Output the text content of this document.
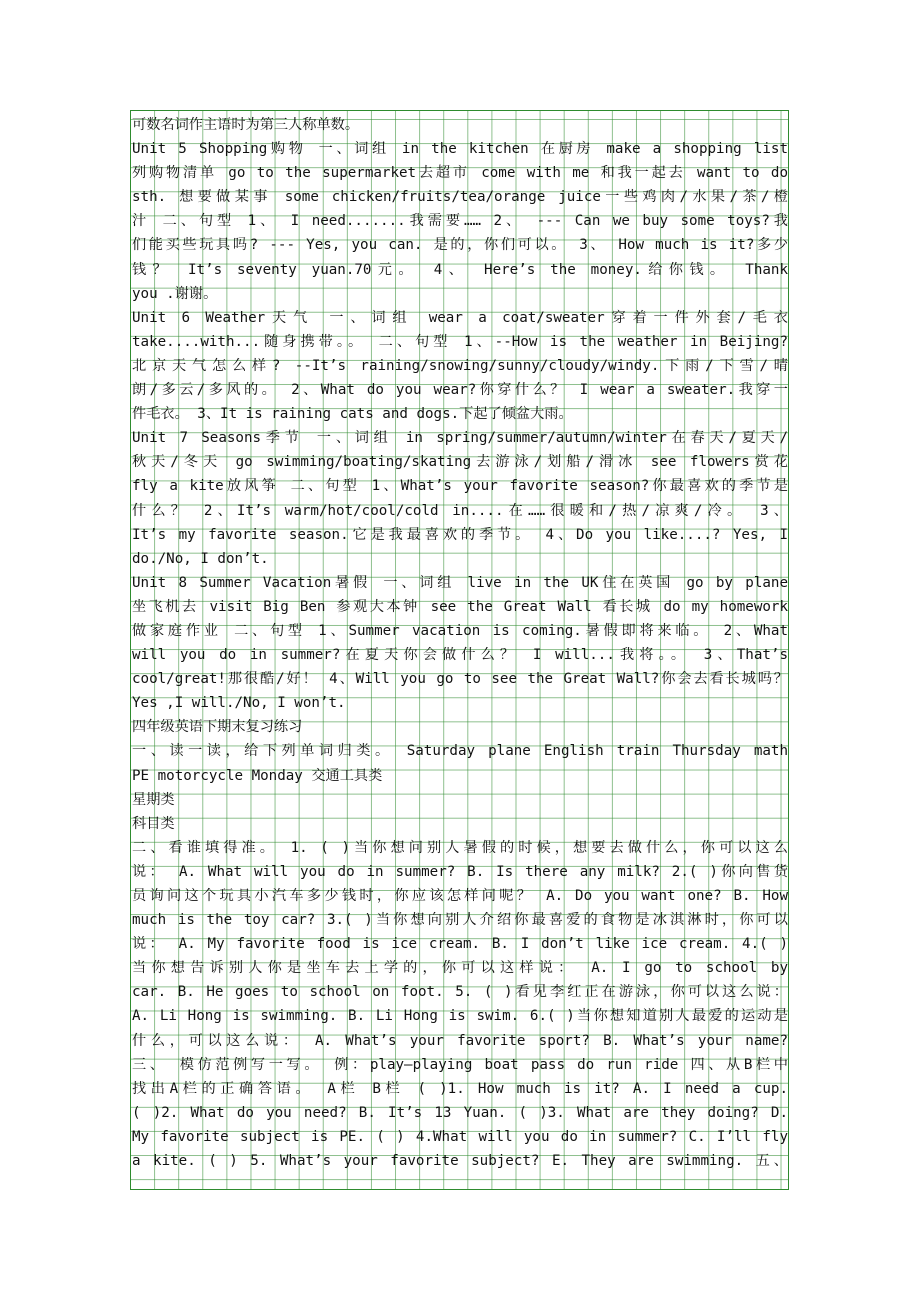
可数名词作主语时为第三人称单数。
Unit 5 Shopping购物 一、词组 in the kitchen 在厨房 make a shopping list
列购物清单 go to the supermarket去超市 come with me 和我一起去 want to do
sth. 想要做某事 some chicken/fruits/tea/orange juice一些鸡肉/水果/茶/橙
汁 二、句型 1、 I need.......我需要…… 2、 --- Can we buy some toys?我
们能买些玩具吗? --- Yes, you can. 是的，你们可以。 3、 How much is it?多少
钱？ It’s seventy yuan.70元。 4、 Here’s the money.给你钱。 Thank
you .谢谢。
Unit 6 Weather天气 一、词组 wear a coat/sweater穿着一件外套/毛衣
take....with...随身携带。。 二、句型 1、--How is the weather in Beijing?
北京天气怎么样? --It’s raining/snowing/sunny/cloudy/windy.下雨/下雪/晴
朗/多云/多风的。 2、What do you wear?你穿什么？ I wear a sweater.我穿一
件毛衣。 3、It is raining cats and dogs.下起了倾盆大雨。
Unit 7 Seasons季节 一、词组 in spring/summer/autumn/winter在春天/夏天/
秋天/冬天 go swimming/boating/skating去游泳/划船/滑冰 see flowers赏花
fly a kite放风筝 二、句型 1、What’s your favorite season?你最喜欢的季节是
什么？ 2、It’s warm/hot/cool/cold in....在……很暖和/热/凉爽/冷。 3、
It’s my favorite season.它是我最喜欢的季节。 4、Do you like....? Yes, I
do./No, I don’t.
Unit 8 Summer Vacation暑假 一、词组 live in the UK住在英国 go by plane
坐飞机去 visit Big Ben 参观大本钟 see the Great Wall 看长城 do my homework
做家庭作业 二、句型 1、Summer vacation is coming.暑假即将来临。 2、What
will you do in summer?在夏天你会做什么？ I will...我将。。 3、That’s
cool/great!那很酷/好！ 4、Will you go to see the Great Wall?你会去看长城吗？
Yes ,I will./No, I won’t.
四年级英语下期末复习练习
一、读一读，给下列单词归类。 Saturday plane English train Thursday math
PE motorcycle Monday 交通工具类
星期类
科目类
二、看谁填得准。 1. ( )当你想问别人暑假的时候，想要去做什么，你可以这么
说： A. What will you do in summer? B. Is there any milk? 2.( )你向售货
员询问这个玩具小汽车多少钱时，你应该怎样问呢？ A. Do you want one? B. How
much is the toy car? 3.( )当你想向别人介绍你最喜爱的食物是冰淇淋时，你可以
说： A. My favorite food is ice cream. B. I don’t like ice cream. 4.( )
当你想告诉别人你是坐车去上学的，你可以这样说： A. I go to school by
car. B. He goes to school on foot. 5. ( )看见李红正在游泳，你可以这么说：
A. Li Hong is swimming. B. Li Hong is swim. 6.( )当你想知道别人最爱的运动是
什么，可以这么说： A. What’s your favorite sport? B. What’s your name?
三、 模仿范例写一写。 例：play—playing boat pass do run ride 四、从B栏中
找出A栏的正确答语。 A栏 B栏 ( )1. How much is it? A. I need a cup.
( )2. What do you need? B. It’s 13 Yuan. ( )3. What are they doing? D.
My favorite subject is PE. ( ) 4.What will you do in summer? C. I’ll fly
a kite. ( ) 5. What’s your favorite subject? E. They are swimming. 五、
